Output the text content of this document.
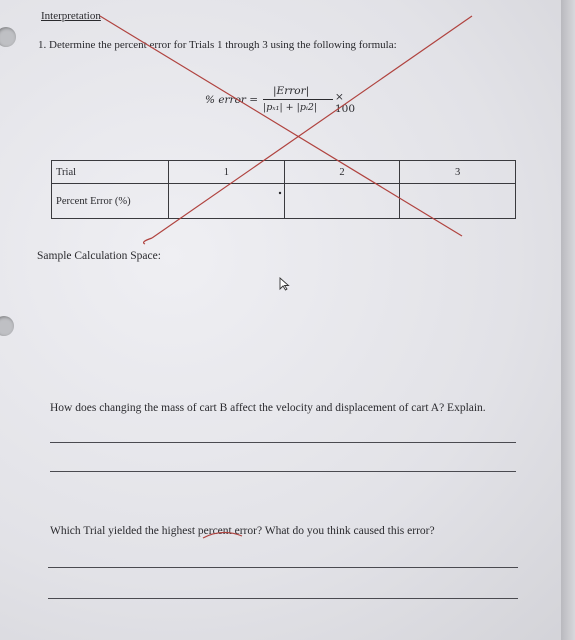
Interpretation
1. Determine the percent error for Trials 1 through 3 using the following formula:
% error =
|Error|
|pₓ₁| + |pᵢ2|
× 100
Trial	1	2	3
Percent Error (%)			
Sample Calculation Space:
How does changing the mass of cart B affect the velocity and displacement of cart A? Explain.
Which Trial yielded the highest percent error? What do you think caused this error?
